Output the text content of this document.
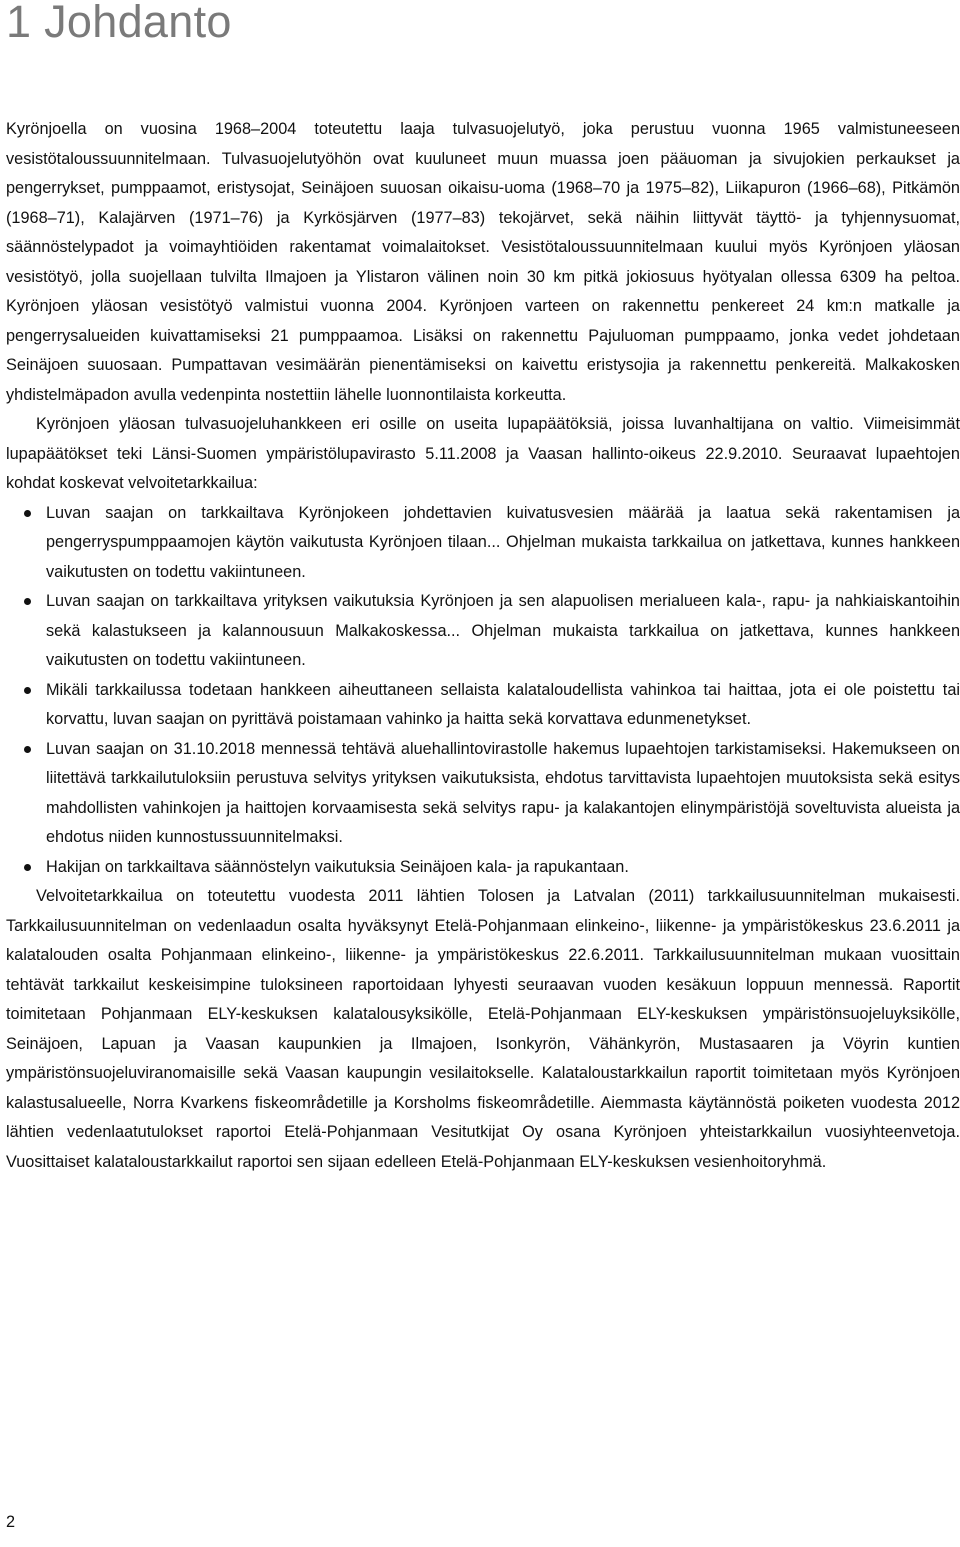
1 Johdanto

Kyrönjoella on vuosina 1968–2004 toteutettu laaja tulvasuojelutyö, joka perustuu vuonna 1965 valmistuneeseen vesistötaloussuunnitelmaan. Tulvasuojelutyöhön ovat kuuluneet muun muassa joen pääuoman ja sivujokien perkaukset ja pengerrykset, pumppaamot, eristysojat, Seinäjoen suuosan oikaisu-uoma (1968–70 ja 1975–82), Liikapuron (1966–68), Pitkämön (1968–71), Kalajärven (1971–76) ja Kyrkösjärven (1977–83) tekojärvet, sekä näihin liittyvät täyttö- ja tyhjennysuomat, säännöstelypadot ja voimayhtiöiden rakentamat voimalaitokset. Vesistötaloussuunnitelmaan kuului myös Kyrönjoen yläosan vesistötyö, jolla suojellaan tulvilta Ilmajoen ja Ylistaron välinen noin 30 km pitkä jokiosuus hyötyalan ollessa 6309 ha peltoa. Kyrönjoen yläosan vesistötyö valmistui vuonna 2004. Kyrönjoen varteen on rakennettu penkereet 24 km:n matkalle ja pengerrysalueiden kuivattamiseksi 21 pumppaamoa. Lisäksi on rakennettu Pajuluoman pumppaamo, jonka vedet johdetaan Seinäjoen suuosaan. Pumpattavan vesimäärän pienentämiseksi on kaivettu eristysojia ja rakennettu penkereitä. Malkakosken yhdistelmäpadon avulla vedenpinta nostettiin lähelle luonnontilaista korkeutta.

Kyrönjoen yläosan tulvasuojeluhankkeen eri osille on useita lupapäätöksiä, joissa luvanhaltijana on valtio. Viimeisimmät lupapäätökset teki Länsi-Suomen ympäristölupavirasto 5.11.2008 ja Vaasan hallinto-oikeus 22.9.2010. Seuraavat lupaehtojen kohdat koskevat velvoitetarkkailua:

Luvan saajan on tarkkailtava Kyrönjokeen johdettavien kuivatusvesien määrää ja laatua sekä rakentamisen ja pengerryspumppaamojen käytön vaikutusta Kyrönjoen tilaan... Ohjelman mukaista tarkkailua on jatkettava, kunnes hankkeen vaikutusten on todettu vakiintuneen.
Luvan saajan on tarkkailtava yrityksen vaikutuksia Kyrönjoen ja sen alapuolisen merialueen kala-, rapu- ja nahkiaiskantoihin sekä kalastukseen ja kalannousuun Malkakoskessa... Ohjelman mukaista tarkkailua on jatkettava, kunnes hankkeen vaikutusten on todettu vakiintuneen.
Mikäli tarkkailussa todetaan hankkeen aiheuttaneen sellaista kalataloudellista vahinkoa tai haittaa, jota ei ole poistettu tai korvattu, luvan saajan on pyrittävä poistamaan vahinko ja haitta sekä korvattava edunmenetykset.
Luvan saajan on 31.10.2018 mennessä tehtävä aluehallintovirastolle hakemus lupaehtojen tarkistamiseksi. Hakemukseen on liitettävä tarkkailutuloksiin perustuva selvitys yrityksen vaikutuksista, ehdotus tarvittavista lupaehtojen muutoksista sekä esitys mahdollisten vahinkojen ja haittojen korvaamisesta sekä selvitys rapu- ja kalakantojen elinympäristöjä soveltuvista alueista ja ehdotus niiden kunnostussuunnitelmaksi.
Hakijan on tarkkailtava säännöstelyn vaikutuksia Seinäjoen kala- ja rapukantaan.

Velvoitetarkkailua on toteutettu vuodesta 2011 lähtien Tolosen ja Latvalan (2011) tarkkailusuunnitelman mukaisesti. Tarkkailusuunnitelman on vedenlaadun osalta hyväksynyt Etelä-Pohjanmaan elinkeino-, liikenne- ja ympäristökeskus 23.6.2011 ja kalatalouden osalta Pohjanmaan elinkeino-, liikenne- ja ympäristökeskus 22.6.2011. Tarkkailusuunnitelman mukaan vuosittain tehtävät tarkkailut keskeisimpine tuloksineen raportoidaan lyhyesti seuraavan vuoden kesäkuun loppuun mennessä. Raportit toimitetaan Pohjanmaan ELY-keskuksen kalatalousyksikölle, Etelä-Pohjanmaan ELY-keskuksen ympäristönsuojeluyksikölle, Seinäjoen, Lapuan ja Vaasan kaupunkien ja Ilmajoen, Isonkyrön, Vähänkyrön, Mustasaaren ja Vöyrin kuntien ympäristönsuojeluviranomaisille sekä Vaasan kaupungin vesilaitokselle. Kalataloustarkkailun raportit toimitetaan myös Kyrönjoen kalastusalueelle, Norra Kvarkens fiskeområdetille ja Korsholms fiskeområdetille. Aiemmasta käytännöstä poiketen vuodesta 2012 lähtien vedenlaatutulokset raportoi Etelä-Pohjanmaan Vesitutkijat Oy osana Kyrönjoen yhteistarkkailun vuosiyhteenvetoja. Vuosittaiset kalataloustarkkailut raportoi sen sijaan edelleen Etelä-Pohjanmaan ELY-keskuksen vesienhoitoryhmä.

2
